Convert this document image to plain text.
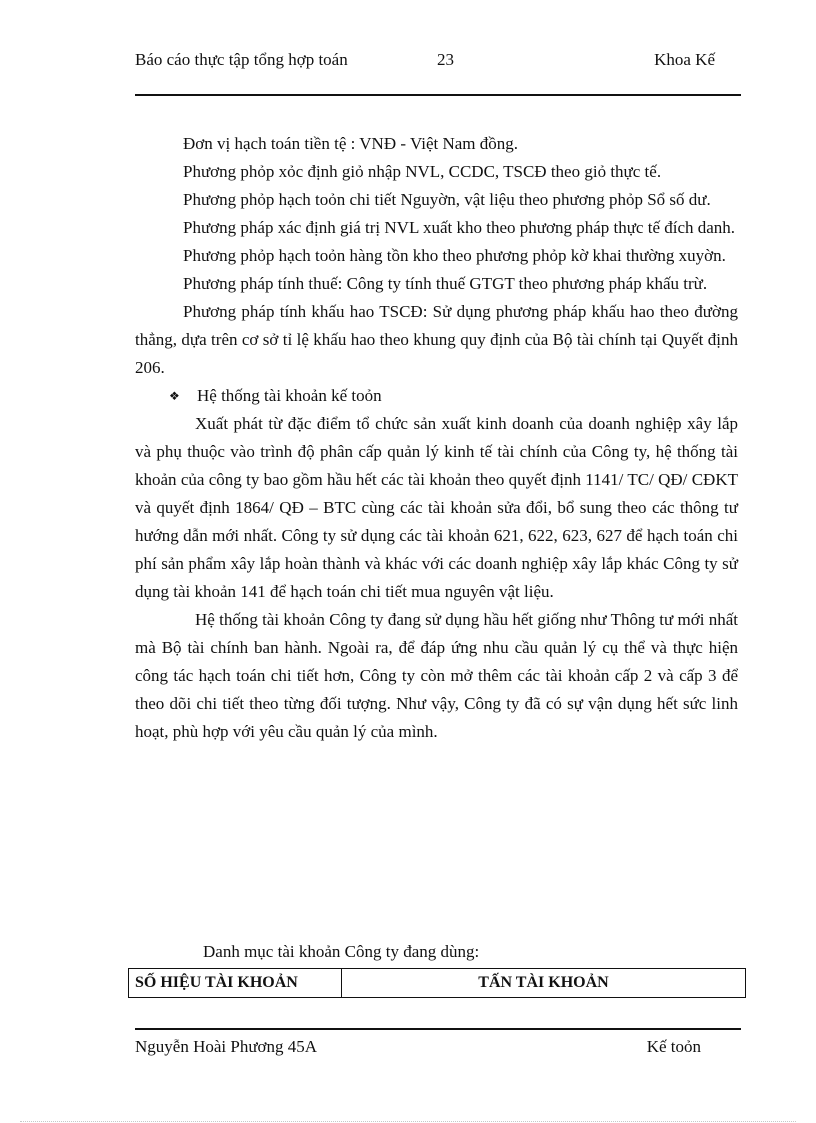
Báo cáo thực tập tổng hợp toán	23	Khoa Kế

Đơn vị hạch toán tiền tệ : VNĐ - Việt Nam đồng.

Phương phỏp xỏc định giỏ nhập NVL, CCDC, TSCĐ theo giỏ thực tế.

Phương phỏp hạch toỏn chi tiết Nguyờn, vật liệu theo phương phỏp Sổ số dư.

Phương pháp xác định giá trị NVL xuất kho theo phương pháp thực tế đích danh.

Phương phỏp hạch toỏn hàng tồn kho theo phương phỏp kờ khai thường xuyờn.

Phương pháp tính thuế: Công ty tính thuế GTGT theo phương pháp khấu trừ.

Phương pháp tính khấu hao TSCĐ: Sử dụng phương pháp khấu hao theo đường thẳng, dựa trên cơ sở tỉ lệ khấu hao theo khung quy định của Bộ tài chính tại Quyết định 206.

❖ Hệ thống tài khoản kế toỏn

Xuất phát từ đặc điểm tổ chức sản xuất kinh doanh của doanh nghiệp xây lắp và phụ thuộc vào trình độ phân cấp quản lý kinh tế tài chính của Công ty, hệ thống tài khoản của công ty bao gồm hầu hết các tài khoản theo quyết định 1141/ TC/ QĐ/ CĐKT và quyết định 1864/ QĐ – BTC cùng các tài khoản sửa đổi, bổ sung theo các thông tư hướng dẫn mới nhất. Công ty sử dụng các tài khoản 621, 622, 623, 627 để hạch toán chi phí sản phẩm xây lắp hoàn thành và khác với các doanh nghiệp xây lắp khác Công ty sử dụng tài khoản 141 để hạch toán chi tiết mua nguyên vật liệu.

Hệ thống tài khoản Công ty đang sử dụng hầu hết giống như Thông tư mới nhất mà Bộ tài chính ban hành. Ngoài ra, để đáp ứng nhu cầu quản lý cụ thể và thực hiện công tác hạch toán chi tiết hơn, Công ty còn mở thêm các tài khoản cấp 2 và cấp 3 để theo dõi chi tiết theo từng đối tượng. Như vậy, Công ty đã có sự vận dụng hết sức linh hoạt, phù hợp với yêu cầu quản lý của mình.

Danh mục tài khoản Công ty đang dùng:
SỐ HIỆU TÀI KHOẢN	TẤN TÀI KHOẢN
Nguyễn Hoài Phương 45A	Kế toỏn
